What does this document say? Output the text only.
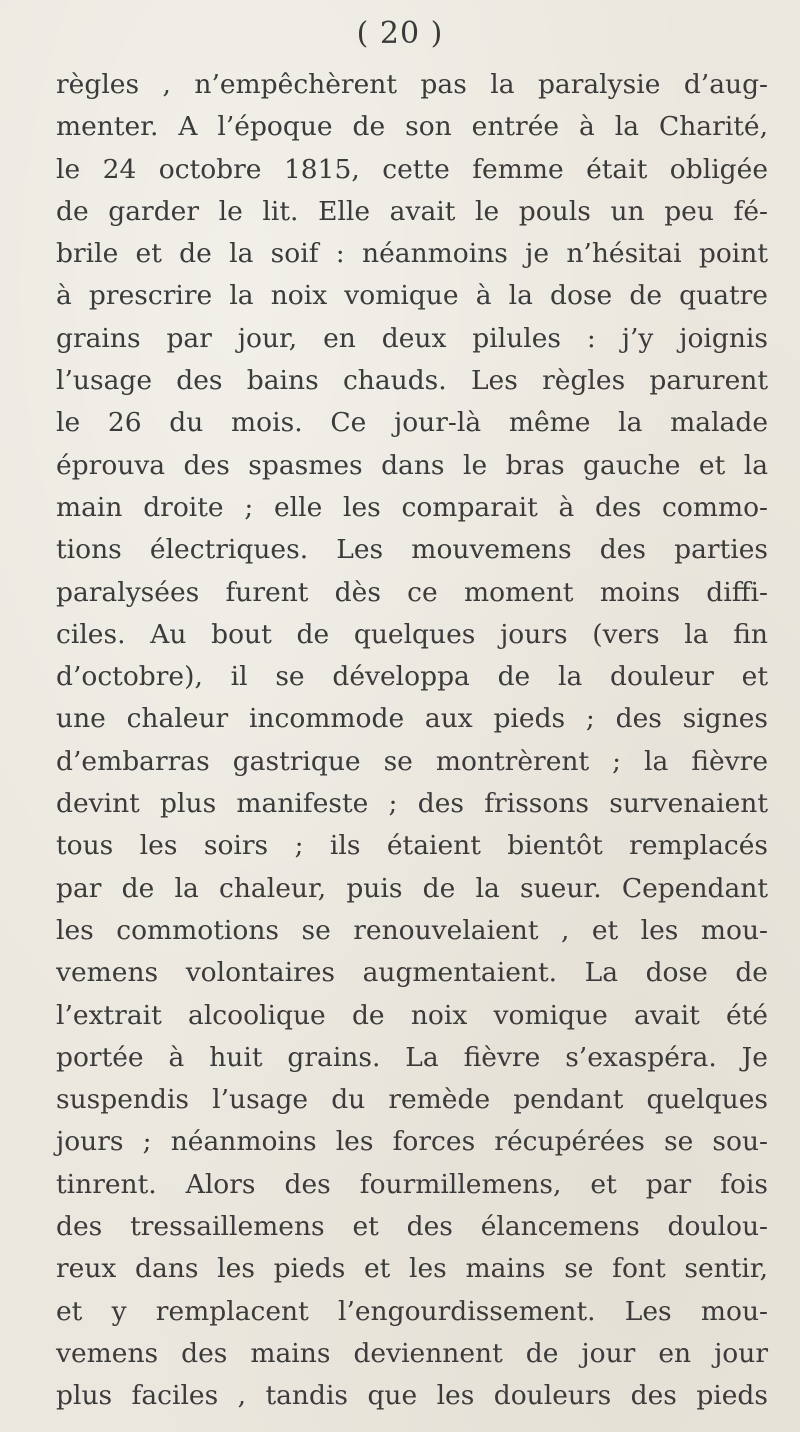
( 20 )
règles , n’empêchèrent pas la paralysie d’aug-
menter. A l’époque de son entrée à la Charité,
le 24 octobre 1815, cette femme était obligée
de garder le lit. Elle avait le pouls un peu fé-
brile et de la soif : néanmoins je n’hésitai point
à prescrire la noix vomique à la dose de quatre
grains par jour, en deux pilules : j’y joignis
l’usage des bains chauds. Les règles parurent
le 26 du mois. Ce jour-là même la malade
éprouva des spasmes dans le bras gauche et la
main droite ; elle les comparait à des commo-
tions électriques. Les mouvemens des parties
paralysées furent dès ce moment moins diffi-
ciles. Au bout de quelques jours (vers la fin
d’octobre), il se développa de la douleur et
une chaleur incommode aux pieds ; des signes
d’embarras gastrique se montrèrent ; la fièvre
devint plus manifeste ; des frissons survenaient
tous les soirs ; ils étaient bientôt remplacés
par de la chaleur, puis de la sueur. Cependant
les commotions se renouvelaient , et les mou-
vemens volontaires augmentaient. La dose de
l’extrait alcoolique de noix vomique avait été
portée à huit grains. La fièvre s’exaspéra. Je
suspendis l’usage du remède pendant quelques
jours ; néanmoins les forces récupérées se sou-
tinrent. Alors des fourmillemens, et par fois
des tressaillemens et des élancemens doulou-
reux dans les pieds et les mains se font sentir,
et y remplacent l’engourdissement. Les mou-
vemens des mains deviennent de jour en jour
plus faciles , tandis que les douleurs des pieds
